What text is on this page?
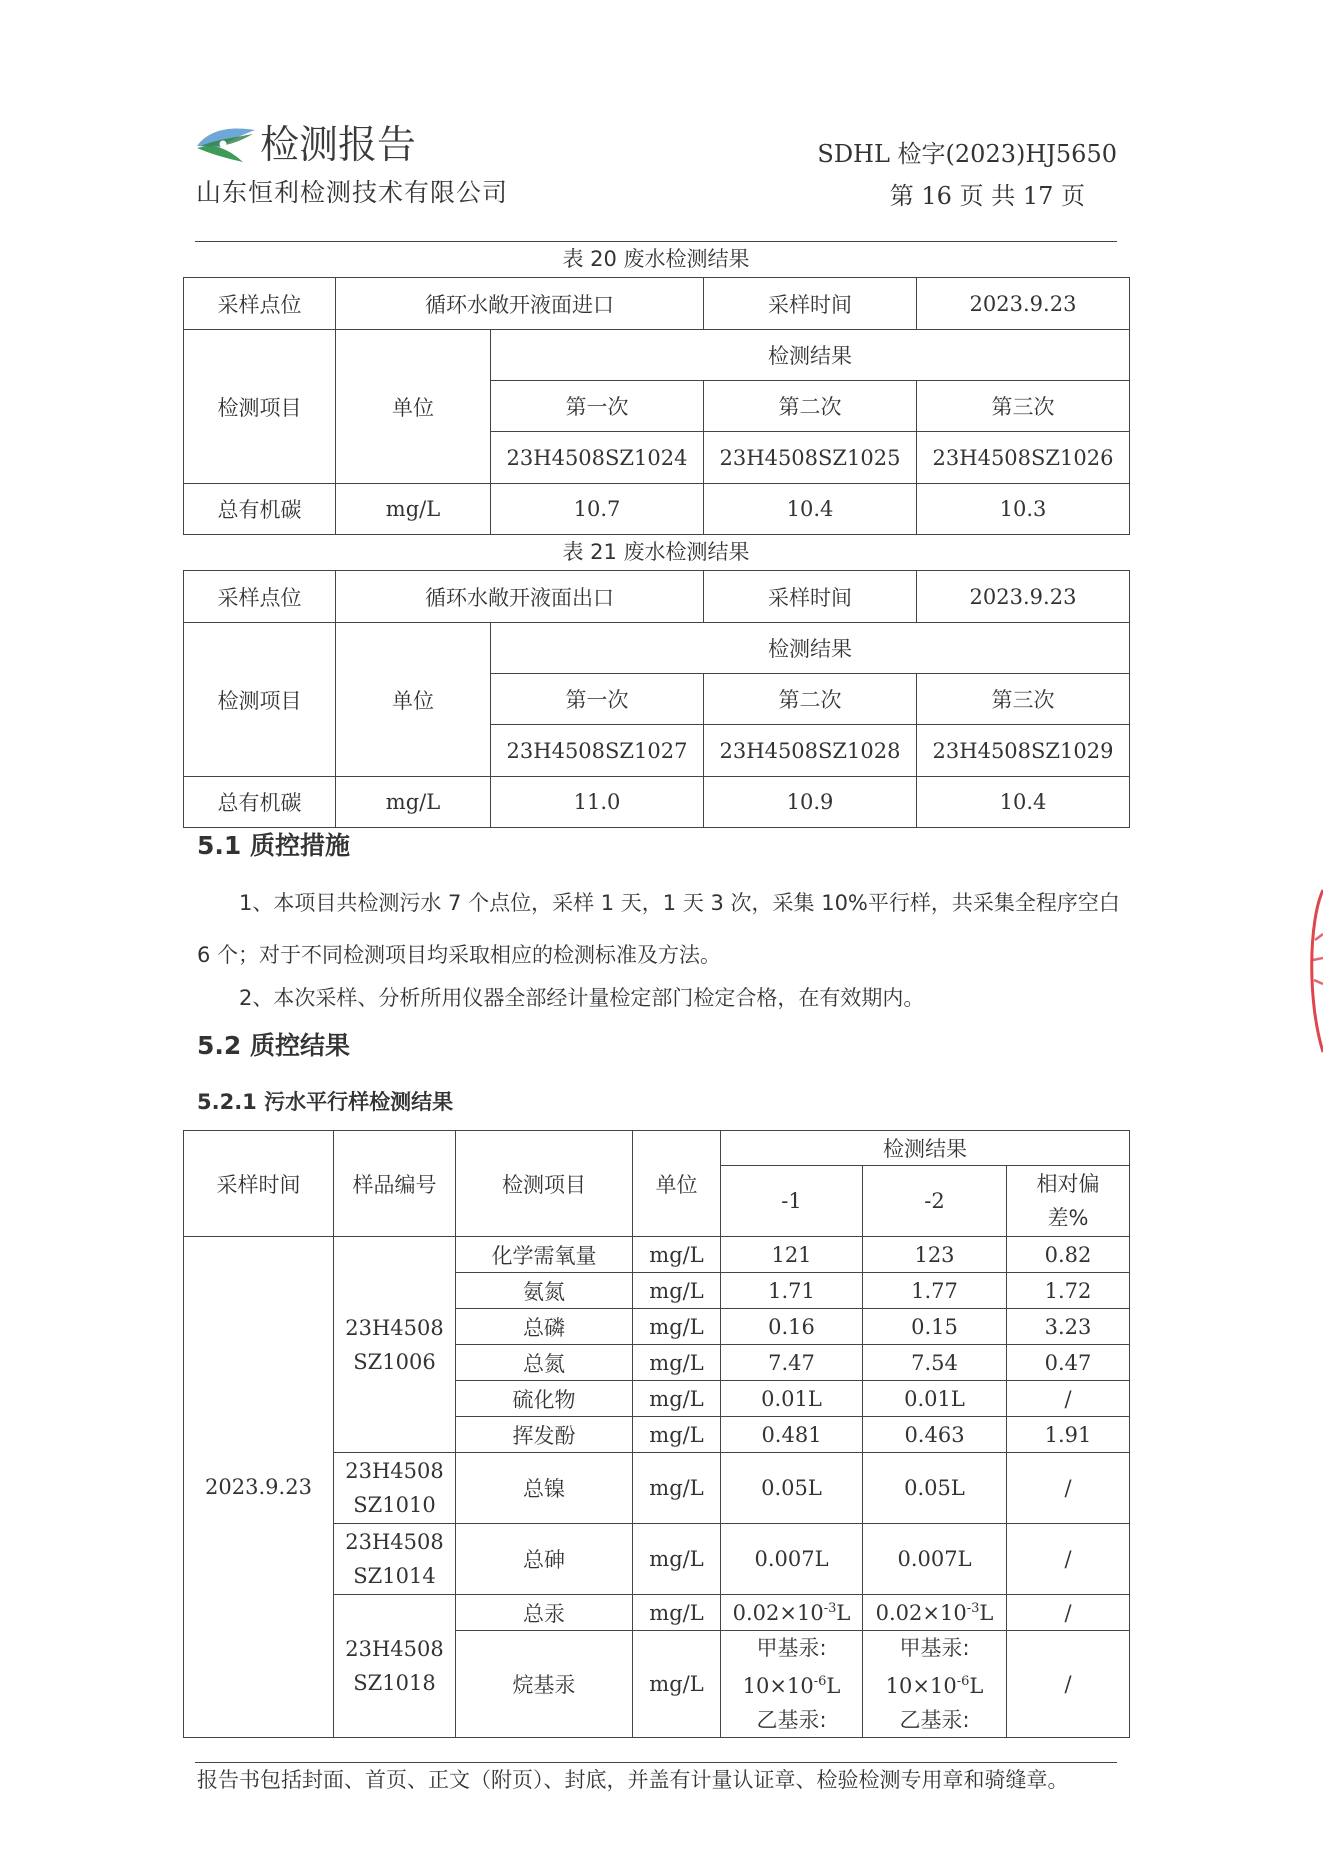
检测报告
山东恒利检测技术有限公司
SDHL 检字(2023)HJ5650
第 16 页 共 17 页
表 20 废水检测结果
采样点位	循环水敞开液面进口		采样时间	2023.9.23
检测项目	单位	检测结果		
		第一次	第二次	第三次
		23H4508SZ1024	23H4508SZ1025	23H4508SZ1026
总有机碳	mg/L	10.7	10.4	10.3
表 21 废水检测结果
采样点位	循环水敞开液面出口		采样时间	2023.9.23
检测项目	单位	检测结果		
		第一次	第二次	第三次
		23H4508SZ1027	23H4508SZ1028	23H4508SZ1029
总有机碳	mg/L	11.0	10.9	10.4
5.1 质控措施

1、本项目共检测污水 7 个点位，采样 1 天，1 天 3 次，采集 10%平行样，共采集全程序空白 6 个；对于不同检测项目均采取相应的检测标准及方法。

2、本次采样、分析所用仪器全部经计量检定部门检定合格，在有效期内。
5.2 质控结果
5.2.1 污水平行样检测结果
采样时间	样品编号	检测项目	单位	检测结果		
				-1	-2	相对偏
差%

2023.9.23	23H4508
SZ1006	化学需氧量	mg/L	121	123	0.82
		氨氮	mg/L	1.71	1.77	1.72
		总磷	mg/L	0.16	0.15	3.23
		总氮	mg/L	7.47	7.54	0.47
		硫化物	mg/L	0.01L	0.01L	/
		挥发酚	mg/L	0.481	0.463	1.91

	23H4508
SZ1010	总镍	mg/L	0.05L	0.05L	/

	23H4508
SZ1014	总砷	mg/L	0.007L	0.007L	/

	23H4508
SZ1018	总汞	mg/L	$0.02\times 10^{-3}L$	$0.02\times 10^{-3}L$	/
		烷基汞	mg/L	甲基汞:
$10\times 10^{-6}L$
乙基汞:	甲基汞:
$10\times 10^{-6}L$
乙基汞:	/
报告书包括封面、首页、正文（附页）、封底，并盖有计量认证章、检验检测专用章和骑缝章。
